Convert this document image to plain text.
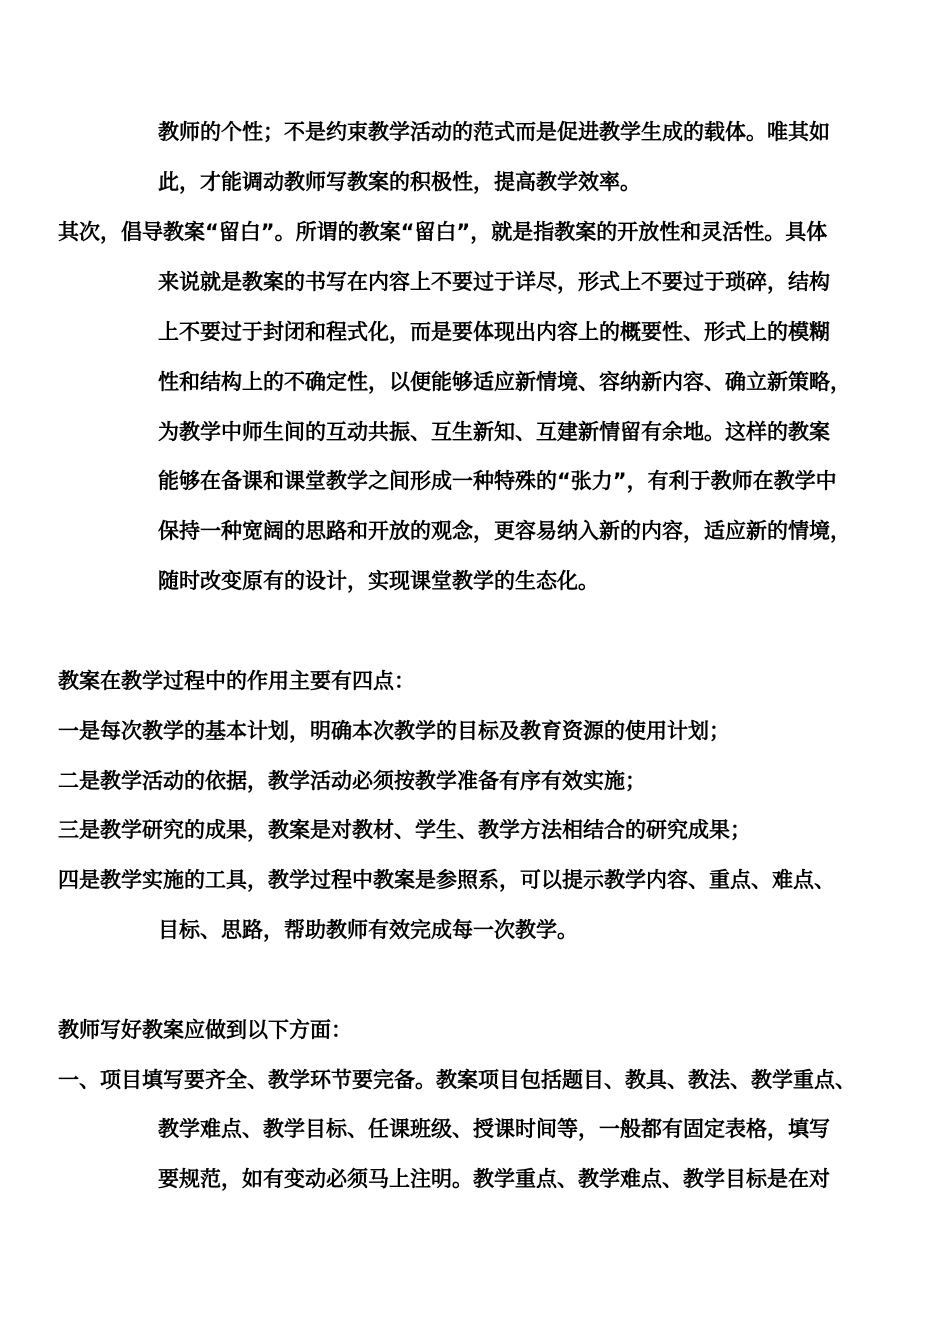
教师的个性；不是约束教学活动的范式而是促进教学生成的载体。唯其如
此，才能调动教师写教案的积极性，提高教学效率。
其次，倡导教案“留白”。所谓的教案“留白”，就是指教案的开放性和灵活性。具体
来说就是教案的书写在内容上不要过于详尽，形式上不要过于琐碎，结构
上不要过于封闭和程式化，而是要体现出内容上的概要性、形式上的模糊
性和结构上的不确定性，以便能够适应新情境、容纳新内容、确立新策略，
为教学中师生间的互动共振、互生新知、互建新情留有余地。这样的教案
能够在备课和课堂教学之间形成一种特殊的“张力”，有利于教师在教学中
保持一种宽阔的思路和开放的观念，更容易纳入新的内容，适应新的情境，
随时改变原有的设计，实现课堂教学的生态化。
教案在教学过程中的作用主要有四点：
一是每次教学的基本计划，明确本次教学的目标及教育资源的使用计划；
二是教学活动的依据，教学活动必须按教学准备有序有效实施；
三是教学研究的成果，教案是对教材、学生、教学方法相结合的研究成果；
四是教学实施的工具，教学过程中教案是参照系，可以提示教学内容、重点、难点、
目标、思路，帮助教师有效完成每一次教学。
教师写好教案应做到以下方面：
一、项目填写要齐全、教学环节要完备。教案项目包括题目、教具、教法、教学重点、
教学难点、教学目标、任课班级、授课时间等，一般都有固定表格，填写
要规范，如有变动必须马上注明。教学重点、教学难点、教学目标是在对
